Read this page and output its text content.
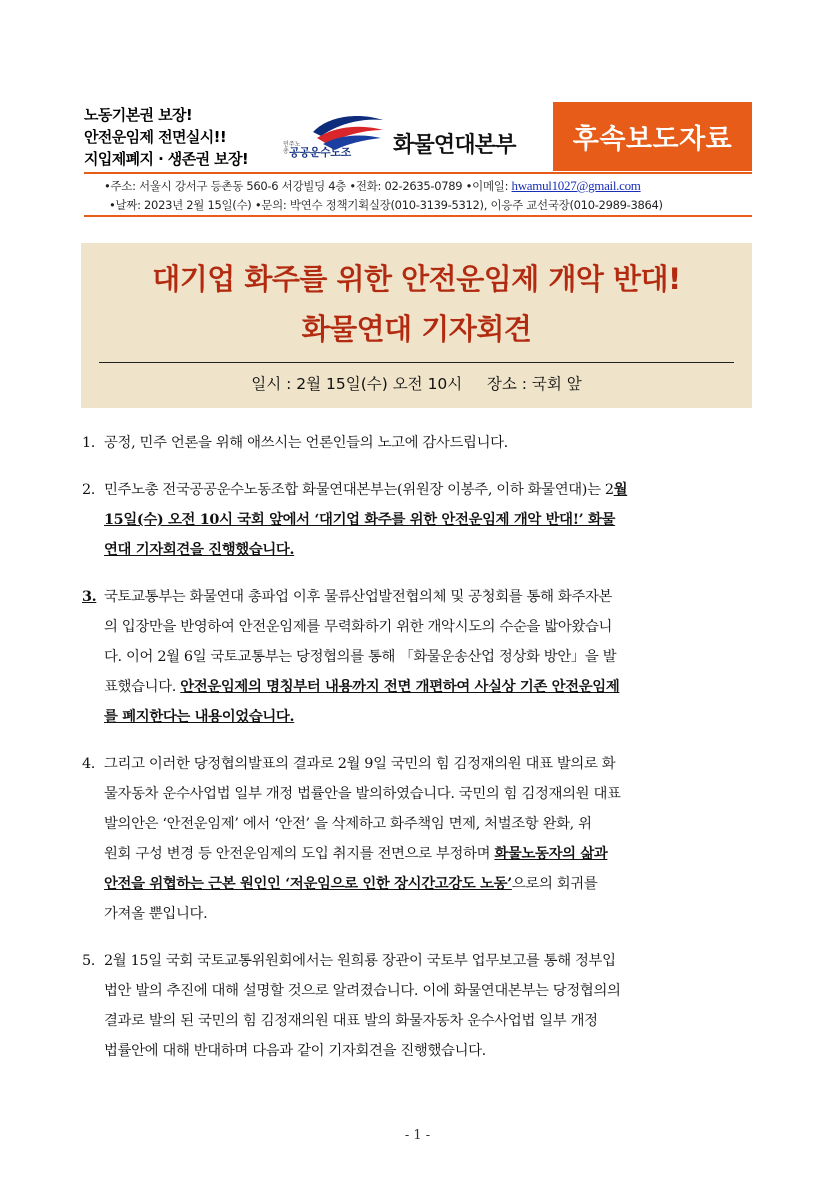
노동기본권 보장!
안전운임제 전면실시!!
지입제폐지 · 생존권 보장!
민주노총 공공운수노조 화물연대본부	후속보도자료
•주소: 서울시 강서구 등촌동 560-6 서강빌딩 4층 •전화: 02-2635-0789 •이메일: hwamul1027@gmail.com
•날짜: 2023년 2월 15일(수) •문의: 박연수 정책기획실장(010-3139-5312), 이응주 교선국장(010-2989-3864)
대기업 화주를 위한 안전운임제 개악 반대!
화물연대 기자회견
일시 : 2월 15일(수) 오전 10시     장소 : 국회 앞
1. 공정, 민주 언론을 위해 애쓰시는 언론인들의 노고에 감사드립니다.
2. 민주노총 전국공공운수노동조합 화물연대본부는(위원장 이봉주, 이하 화물연대)는 2월
15일(수) 오전 10시 국회 앞에서 ‘대기업 화주를 위한 안전운임제 개악 반대!’ 화물
연대 기자회견을 진행했습니다.
3. 국토교통부는 화물연대 총파업 이후 물류산업발전협의체 및 공청회를 통해 화주자본
의 입장만을 반영하여 안전운임제를 무력화하기 위한 개악시도의 수순을 밟아왔습니
다. 이어 2월 6일 국토교통부는 당정협의를 통해 「화물운송산업 정상화 방안」을 발
표했습니다. 안전운임제의 명칭부터 내용까지 전면 개편하여 사실상 기존 안전운임제
를 폐지한다는 내용이었습니다.
4. 그리고 이러한 당정협의발표의 결과로 2월 9일 국민의 힘 김정재의원 대표 발의로 화
물자동차 운수사업법 일부 개정 법률안을 발의하였습니다. 국민의 힘 김정재의원 대표
발의안은 ‘안전운임제’ 에서 ‘안전’ 을 삭제하고 화주책임 면제, 처벌조항 완화, 위
원회 구성 변경 등 안전운임제의 도입 취지를 전면으로 부정하며 화물노동자의 삶과
안전을 위협하는 근본 원인인 ‘저운임으로 인한 장시간고강도 노동’으로의 회귀를
가져올 뿐입니다.
5. 2월 15일 국회 국토교통위원회에서는 원희룡 장관이 국토부 업무보고를 통해 정부입
법안 발의 추진에 대해 설명할 것으로 알려졌습니다. 이에 화물연대본부는 당정협의의
결과로 발의 된 국민의 힘 김정재의원 대표 발의 화물자동차 운수사업법 일부 개정
법률안에 대해 반대하며 다음과 같이 기자회견을 진행했습니다.
- 1 -
